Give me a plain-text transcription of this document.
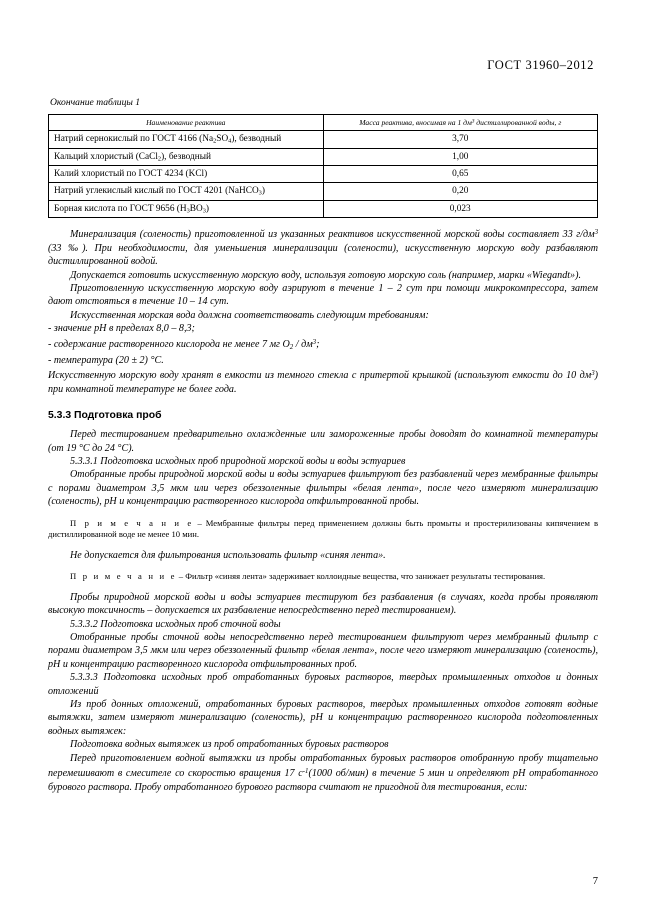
ГОСТ 31960–2012
Окончание таблицы 1
Наименование реактива	Масса реактива, вносимая на 1 $дм^3$ дистиллированной воды, г
Натрий сернокислый по ГОСТ 4166 $(Na_2SO_4)$, безводный	3,70
Кальций хлористый (CaCl$_2$), безводный	1,00
Калий хлористый по ГОСТ 4234 (KCl)	0,65
Натрий углекислый кислый по ГОСТ 4201 (NaHCO$_3$)	0,20
Борная кислота по ГОСТ 9656 $(H_3BO_3)$	0,023

Минерализация (соленость) приготовленной из указанных реактивов искусственной морской воды составляет 33 $г/дм^3$ (33 ‰). При необходимости, для уменьшения минерализации (солености), искусственную морскую воду разбавляют дистиллированной водой.

Допускается готовить искусственную морскую воду, используя готовую морскую соль (например, марки «Wiegandt»).

Приготовленную искусственную морскую воду аэрируют в течение 1 – 2 сут при помощи микрокомпрессора, затем дают отстояться в течение 10 – 14 сут.

Искусственная морская вода должна соответствовать следующим требованиям:

- значение рН в пределах 8,0 – 8,3;

- содержание растворенного кислорода не менее 7 мг $О_2 / дм^3$;

- температура (20 ± 2) °С.

Искусственную морскую воду хранят в емкости из темного стекла с притертой крышкой (используют емкости до 10 $дм^3$) при комнатной температуре не более года.

5.3.3 Подготовка проб

Перед тестированием предварительно охлажденные или замороженные пробы доводят до комнатной температуры (от 19 °С до 24 °С).

5.3.3.1 Подготовка исходных проб природной морской воды и воды эстуариев

Отобранные пробы природной морской воды и воды эстуариев фильтруют без разбавлений через мембранные фильтры с порами диаметром 3,5 мкм или через обеззоленные фильтры «белая лента», после чего измеряют минерализацию (соленость), рН и концентрацию растворенного кислорода отфильтрованной пробы.

П р и м е ч а н и е – Мембранные фильтры перед применением должны быть промыты и простерилизованы кипячением в дистиллированной воде не менее 10 мин.

Не допускается для фильтрования использовать фильтр «синяя лента».

П р и м е ч а н и е – Фильтр «синяя лента» задерживает коллоидные вещества, что занижает результаты тестирования.

Пробы природной морской воды и воды эстуариев тестируют без разбавления (в случаях, когда пробы проявляют высокую токсичность – допускается их разбавление непосредственно перед тестированием).

5.3.3.2 Подготовка исходных проб сточной воды

Отобранные пробы сточной воды непосредственно перед тестированием фильтруют через мембранный фильтр с порами диаметром 3,5 мкм или через обеззоленный фильтр «белая лента», после чего измеряют минерализацию (соленость), рН и концентрацию растворенного кислорода отфильтрованных проб.

5.3.3.3 Подготовка исходных проб отработанных буровых растворов, твердых промышленных отходов и донных отложений

Из проб донных отложений, отработанных буровых растворов, твердых промышленных отходов готовят водные вытяжки, затем измеряют минерализацию (соленость), рН и концентрацию растворенного кислорода подготовленных водных вытяжек:

Подготовка водных вытяжек из проб отработанных буровых растворов

Перед приготовлением водной вытяжки из пробы отработанных буровых растворов отобранную пробу тщательно перемешивают в смесителе со скоростью вращения 17 $с^{-1}(1000$ об/мин) в течение 5 мин и определяют рН отработанного бурового раствора. Пробу отработанного бурового раствора считают не пригодной для тестирования, если:

7
